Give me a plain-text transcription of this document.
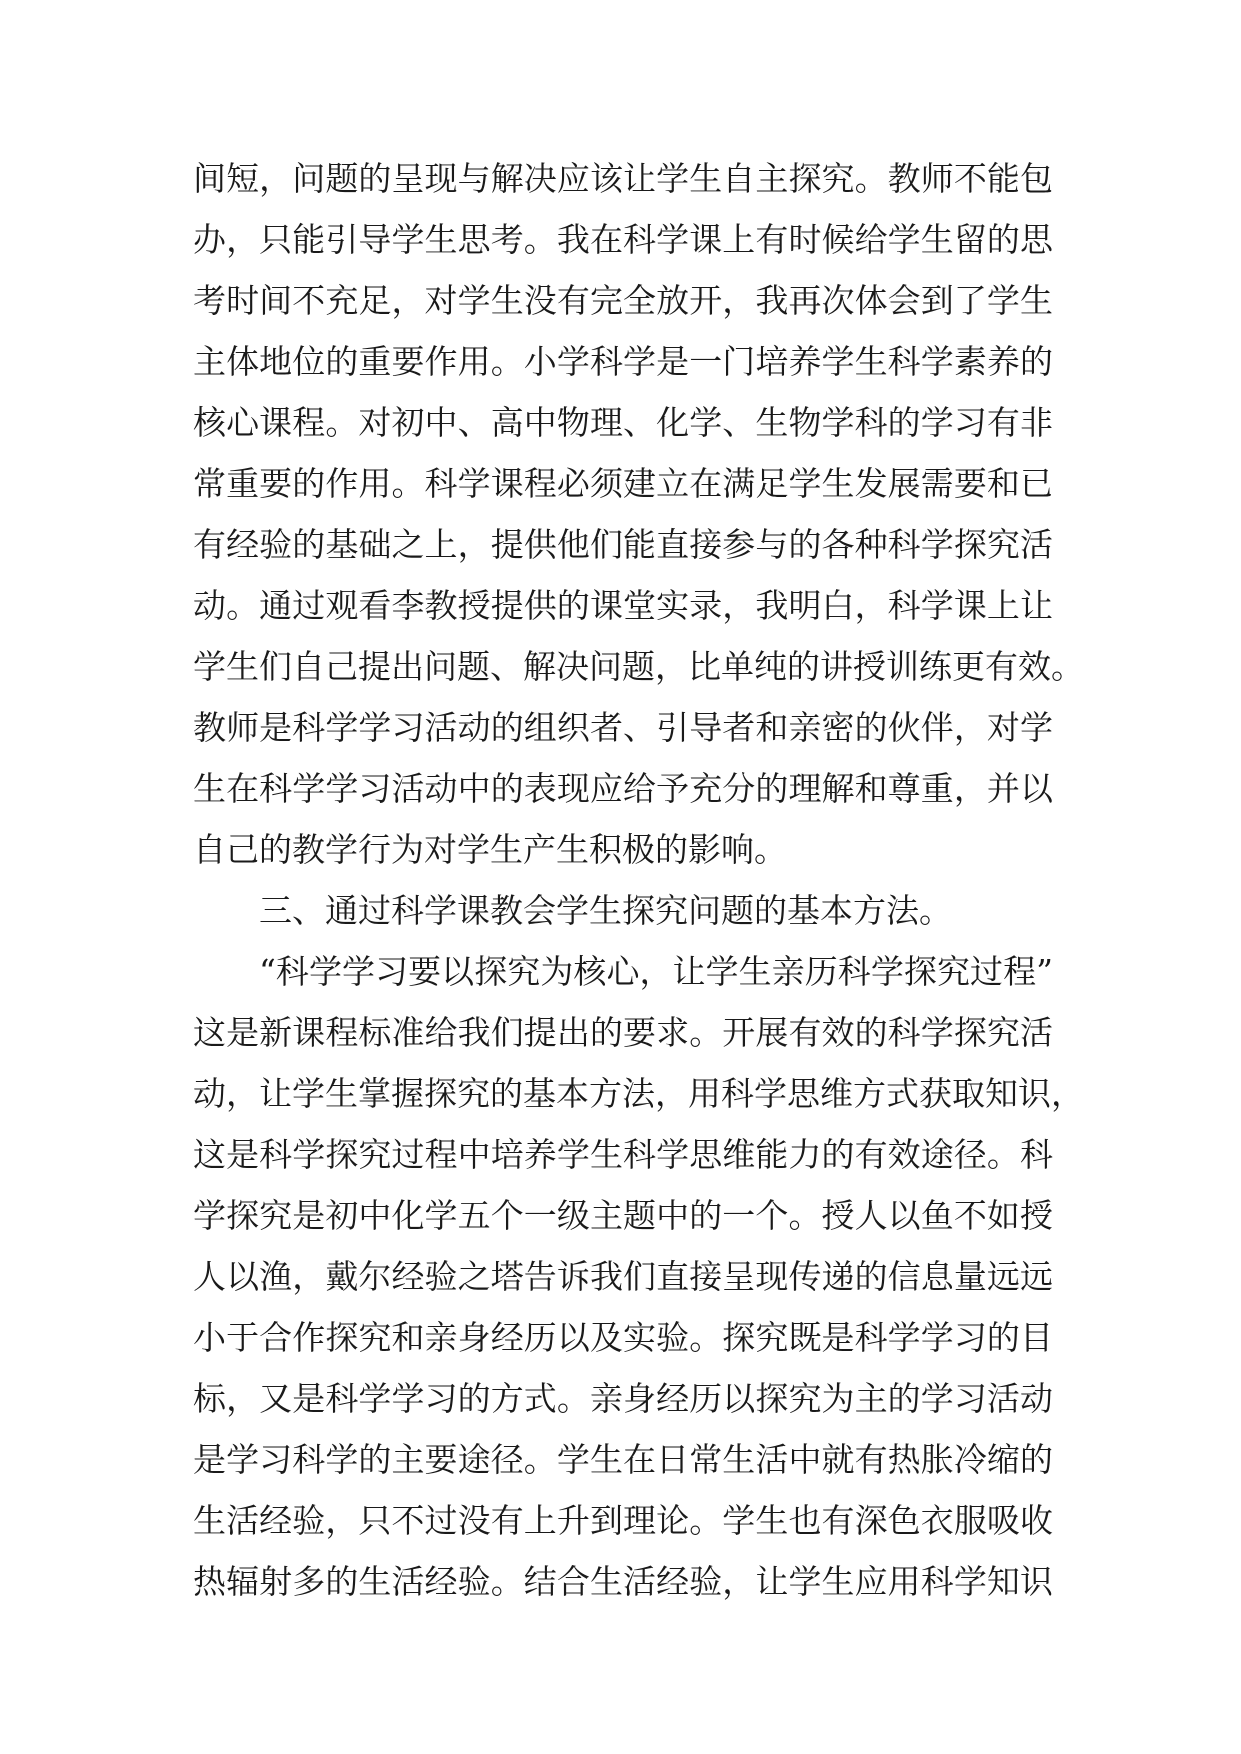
间短，问题的呈现与解决应该让学生自主探究。教师不能包
办，只能引导学生思考。我在科学课上有时候给学生留的思
考时间不充足，对学生没有完全放开，我再次体会到了学生
主体地位的重要作用。小学科学是一门培养学生科学素养的
核心课程。对初中、高中物理、化学、生物学科的学习有非
常重要的作用。科学课程必须建立在满足学生发展需要和已
有经验的基础之上，提供他们能直接参与的各种科学探究活
动。通过观看李教授提供的课堂实录，我明白，科学课上让
学生们自己提出问题、解决问题，比单纯的讲授训练更有效。
教师是科学学习活动的组织者、引导者和亲密的伙伴，对学
生在科学学习活动中的表现应给予充分的理解和尊重，并以
自己的教学行为对学生产生积极的影响。
三、通过科学课教会学生探究问题的基本方法。
“科学学习要以探究为核心，让学生亲历科学探究过程”
这是新课程标准给我们提出的要求。开展有效的科学探究活
动，让学生掌握探究的基本方法，用科学思维方式获取知识，
这是科学探究过程中培养学生科学思维能力的有效途径。科
学探究是初中化学五个一级主题中的一个。授人以鱼不如授
人以渔，戴尔经验之塔告诉我们直接呈现传递的信息量远远
小于合作探究和亲身经历以及实验。探究既是科学学习的目
标，又是科学学习的方式。亲身经历以探究为主的学习活动
是学习科学的主要途径。学生在日常生活中就有热胀冷缩的
生活经验，只不过没有上升到理论。学生也有深色衣服吸收
热辐射多的生活经验。结合生活经验，让学生应用科学知识
